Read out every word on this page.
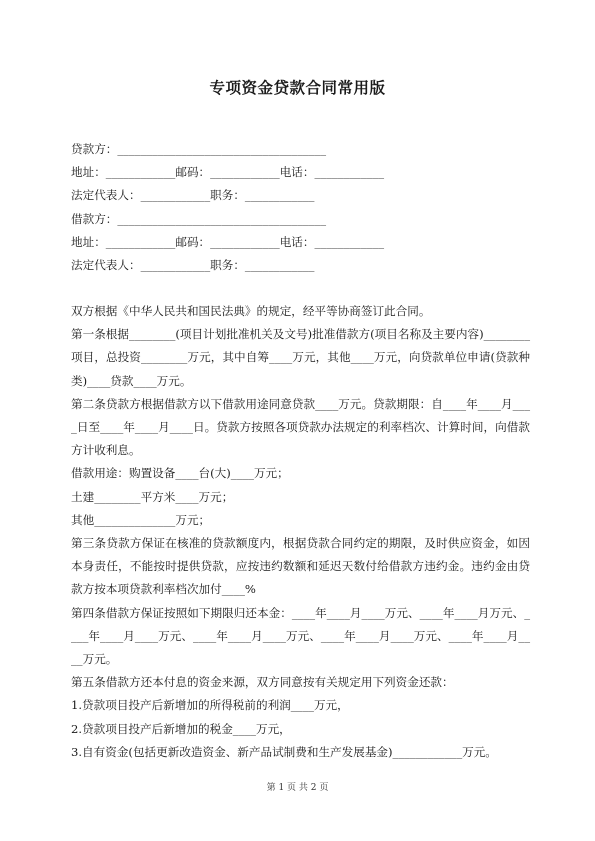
专项资金贷款合同常用版
贷款方：____________________________________
地址：____________邮码：____________电话：____________
法定代表人：____________职务：____________
借款方：____________________________________
地址：____________邮码：____________电话：____________
法定代表人：____________职务：____________

双方根据《中华人民共和国民法典》的规定，经平等协商签订此合同。

第一条根据________(项目计划批准机关及文号)批准借款方(项目名称及主要内容)________项目，总投资________万元，其中自筹____万元，其他____万元，向贷款单位申请(贷款种类)____贷款____万元。

第二条贷款方根据借款方以下借款用途同意贷款____万元。贷款期限：自____年____月____日至____年____月____日。贷款方按照各项贷款办法规定的利率档次、计算时间，向借款方计收利息。

借款用途：购置设备____台(大)____万元；

土建________平方米____万元；

其他______________万元；

第三条贷款方保证在核准的贷款额度内，根据贷款合同约定的期限，及时供应资金，如因本身责任，不能按时提供贷款，应按违约数额和延迟天数付给借款方违约金。违约金由贷款方按本项贷款利率档次加付____%

第四条借款方保证按照如下期限归还本金：____年____月____万元、____年____月万元、____年____月____万元、____年____月____万元、____年____月____万元、____年____月____万元。

第五条借款方还本付息的资金来源，双方同意按有关规定用下列资金还款：

1.贷款项目投产后新增加的所得税前的利润____万元，

2.贷款项目投产后新增加的税金____万元，

3.自有资金(包括更新改造资金、新产品试制费和生产发展基金)____________万元。

第 1 页 共 2 页
